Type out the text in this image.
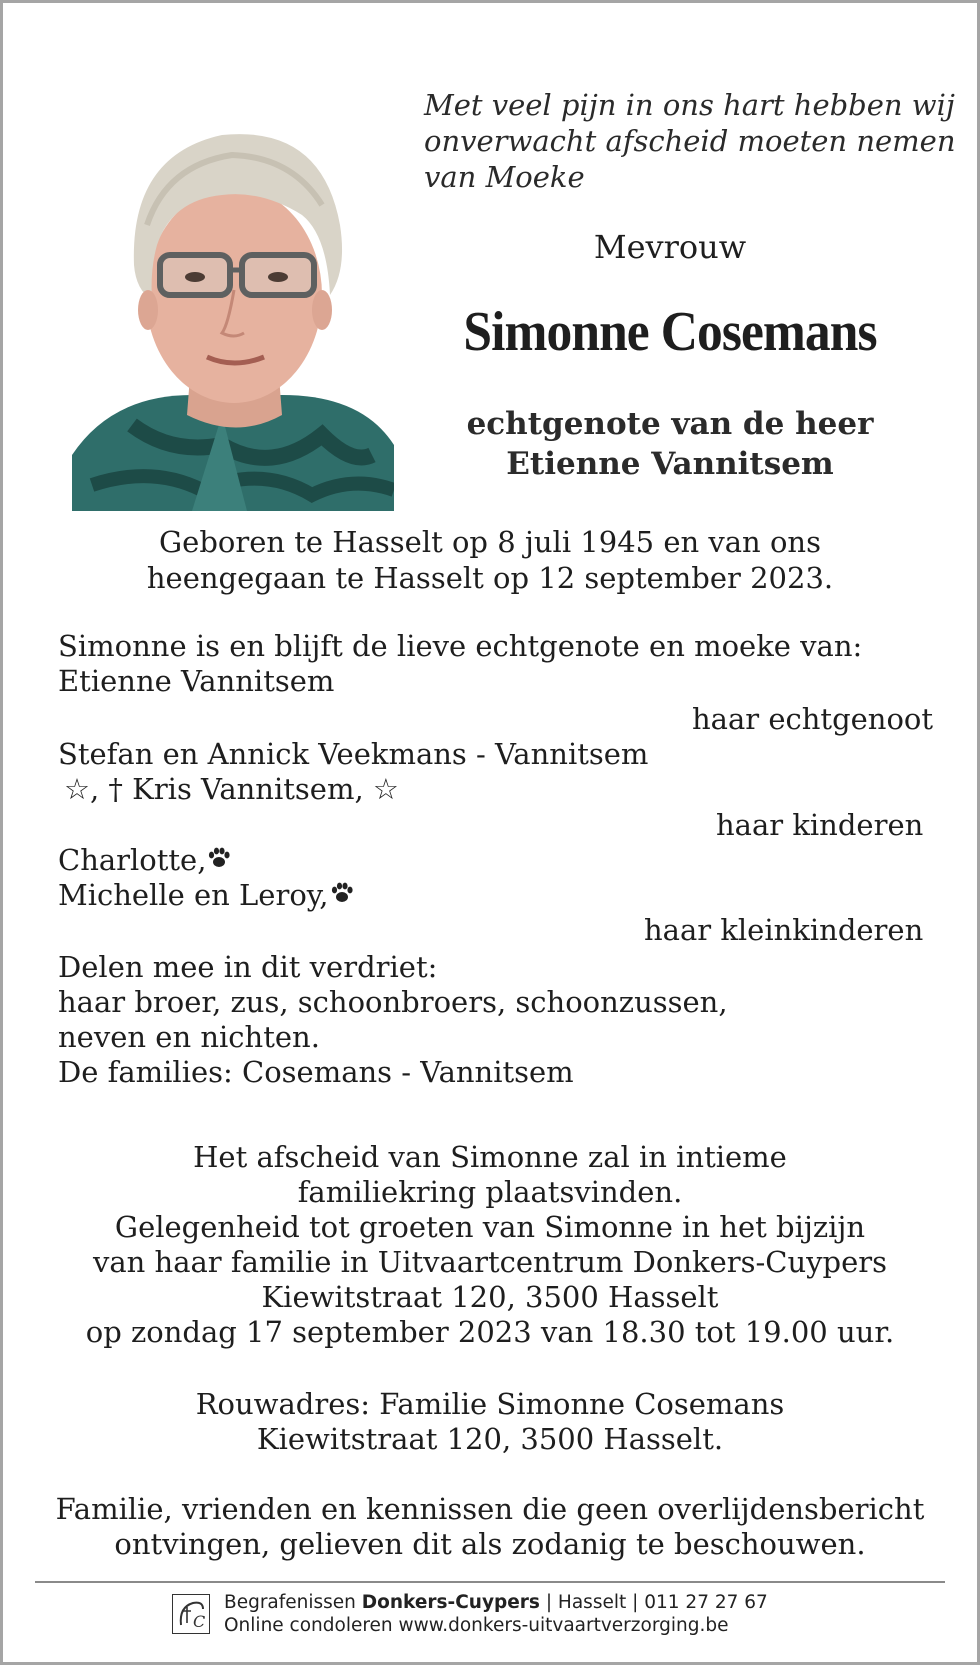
Met veel pijn in ons hart hebben wij
onverwacht afscheid moeten nemen
van Moeke
Mevrouw
Simonne Cosemans
echtgenote van de heer
Etienne Vannitsem
Geboren te Hasselt op 8 juli 1945 en van ons
heengegaan te Hasselt op 12 september 2023.
Simonne is en blijft de lieve echtgenote en moeke van:
Etienne Vannitsem
haar echtgenoot
Stefan en Annick Veekmans - Vannitsem
☆, † Kris Vannitsem, ☆
haar kinderen
Charlotte,
Michelle en Leroy,
haar kleinkinderen
Delen mee in dit verdriet:
haar broer, zus, schoonbroers, schoonzussen,
neven en nichten.
De families: Cosemans - Vannitsem
Het afscheid van Simonne zal in intieme
familiekring plaatsvinden.
Gelegenheid tot groeten van Simonne in het bijzijn
van haar familie in Uitvaartcentrum Donkers-Cuypers
Kiewitstraat 120, 3500 Hasselt
op zondag 17 september 2023 van 18.30 tot 19.00 uur.
Rouwadres: Familie Simonne Cosemans
Kiewitstraat 120, 3500 Hasselt.
Familie, vrienden en kennissen die geen overlijdensbericht
ontvingen, gelieven dit als zodanig te beschouwen.
C
Begrafenissen Donkers-Cuypers | Hasselt | 011 27 27 67
Online condoleren www.donkers-uitvaartverzorging.be
